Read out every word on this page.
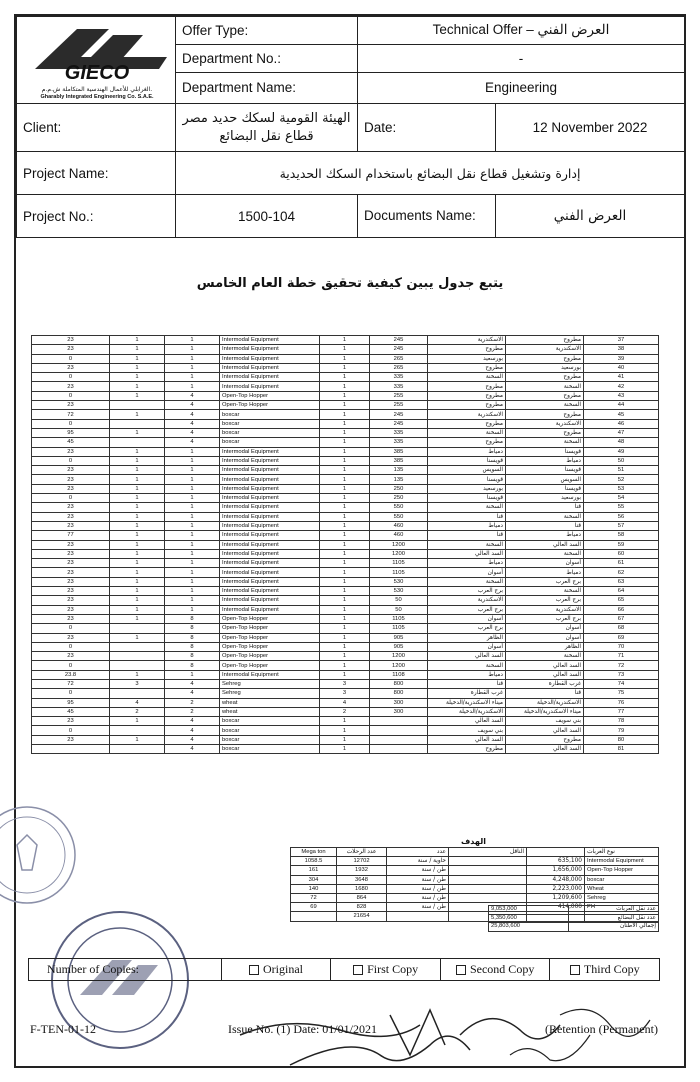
GIECO
الغرابلي للأعمال الهندسية المتكاملة ش.م.م.
Gharably Integrated Engineering Co. S.A.E.	Offer Type:	Technical Offer – العرض الفني	
	Department No.:	-	
	Department Name:	Engineering	
Client:	الهيئة القومية لسكك حديد مصر
قطاع نقل البضائع	Date:	12 November 2022
Project Name:	إدارة وتشغيل قطاع نقل البضائع باستخدام السكك الحديدية		
Project No.:	1500-104	Documents Name:	العرض الفني
يتبع جدول يبين كيفية تحقيق خطة العام الخامس
23	1	1	Intermodal Equipment	1	245	الاسكندرية	مطروح	37
23	1	1	Intermodal Equipment	1	245	مطروح	الاسكندرية	38
0	1	1	Intermodal Equipment	1	265	بورسعيد	مطروح	39
23	1	1	Intermodal Equipment	1	265	مطروح	بورسعيد	40
0	1	1	Intermodal Equipment	1	335	السخنة	مطروح	41
23	1	1	Intermodal Equipment	1	335	مطروح	السخنة	42
0	1	4	Open-Top Hopper	1	255	مطروح	مطروح	43
23		4	Open-Top Hopper	1	255	مطروح	السخنة	44
72	1	4	boxcar	1	245	الاسكندرية	مطروح	45
0		4	boxcar	1	245	مطروح	الاسكندرية	46
95	1	4	boxcar	1	335	السخنة	مطروح	47
45		4	boxcar	1	335	مطروح	السخنة	48
23	1	1	Intermodal Equipment	1	385	دمياط	قويسنا	49
0	1	1	Intermodal Equipment	1	385	قويسنا	دمياط	50
23	1	1	Intermodal Equipment	1	135	السويس	قويسنا	51
23	1	1	Intermodal Equipment	1	135	قويسنا	السويس	52
23	1	1	Intermodal Equipment	1	250	بورسعيد	قويسنا	53
0	1	1	Intermodal Equipment	1	250	قويسنا	بورسعيد	54
23	1	1	Intermodal Equipment	1	550	السخنة	قنا	55
23	1	1	Intermodal Equipment	1	550	قنا	السخنة	56
23	1	1	Intermodal Equipment	1	460	دمياط	قنا	57
77	1	1	Intermodal Equipment	1	460	قنا	دمياط	58
23	1	1	Intermodal Equipment	1	1200	السخنة	السد العالي	59
23	1	1	Intermodal Equipment	1	1200	السد العالي	السخنة	60
23	1	1	Intermodal Equipment	1	1105	دمياط	أسوان	61
23	1	1	Intermodal Equipment	1	1105	أسوان	دمياط	62
23	1	1	Intermodal Equipment	1	530	السخنة	برج العرب	63
23	1	1	Intermodal Equipment	1	530	برج العرب	السخنة	64
23	1	1	Intermodal Equipment	1	50	الاسكندرية	برج العرب	65
23	1	1	Intermodal Equipment	1	50	برج العرب	الاسكندرية	66
23	1	8	Open-Top Hopper	1	1105	أسوان	برج العرب	67
0		8	Open-Top Hopper	1	1105	برج العرب	أسوان	68
23	1	8	Open-Top Hopper	1	905	الظاهر	أسوان	69
0		8	Open-Top Hopper	1	905	أسوان	الظاهر	70
23		8	Open-Top Hopper	1	1200	السد العالي	السخنة	71
0		8	Open-Top Hopper	1	1200	السخنة	السد العالي	72
23.8	1	1	Intermodal Equipment	1	1108	دمياط	السد العالي	73
72	3	4	Sehreg	3	800	قنا	غرب القطارة	74
0		4	Sehreg	3	800	غرب القطارة	قنا	75
95	4	2	wheat	4	300	ميناء الاسكندرية/الدخيلة	الاسكندرية/الدخيلة	76
45	2	2	wheat	2	300	الاسكندرية/الدخيلة	ميناء الاسكندرية/الدخيلة	77
23	1	4	boxcar	1		السد العالي	بني سويف	78
0		4	boxcar	1		بني سويف	السد العالي	79
23	1	4	boxcar	1		السد العالي	مطروح	80
		4	boxcar	1		مطروح	السد العالي	81
الهدف
Mega ton	عدد الرحلات	عدد	الناقل		نوع العربات
1058.5	12702	حاوية / سنة		635,100	Intermodal Equipment
161	1932	طن / سنة		1,656,000	Open-Top Hopper
304	3648	طن / سنة		4,248,000	boxcar
140	1680	طن / سنة		2,223,000	Wheat
72	864	طن / سنة		1,209,600	Sehreg
69	828	طن / سنة		414,000	PH
	21654				
9,053,000	عدد نقل العربات
5,350,600	عدد نقل البضائع
25,803,600	إجمالي الأطنان
Number of Copies:	Original	First Copy	Second Copy	Third Copy
F-TEN-01-12	Issue No. (1) Date: 01/01/2021	(Retention (Permanent)
